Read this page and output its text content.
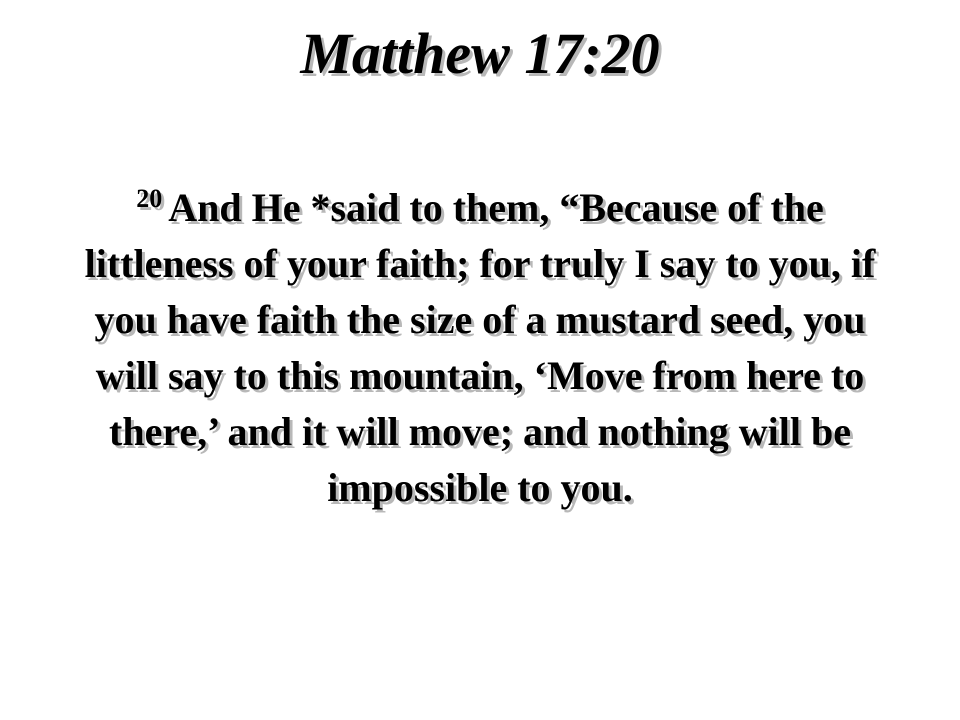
Matthew 17:20
$^{20}$ And He *said to them, “Because of the littleness of your faith; for truly I say to you, if you have faith the size of a mustard seed, you will say to this mountain, ‘Move from here to there,’ and it will move; and nothing will be impossible to you.
